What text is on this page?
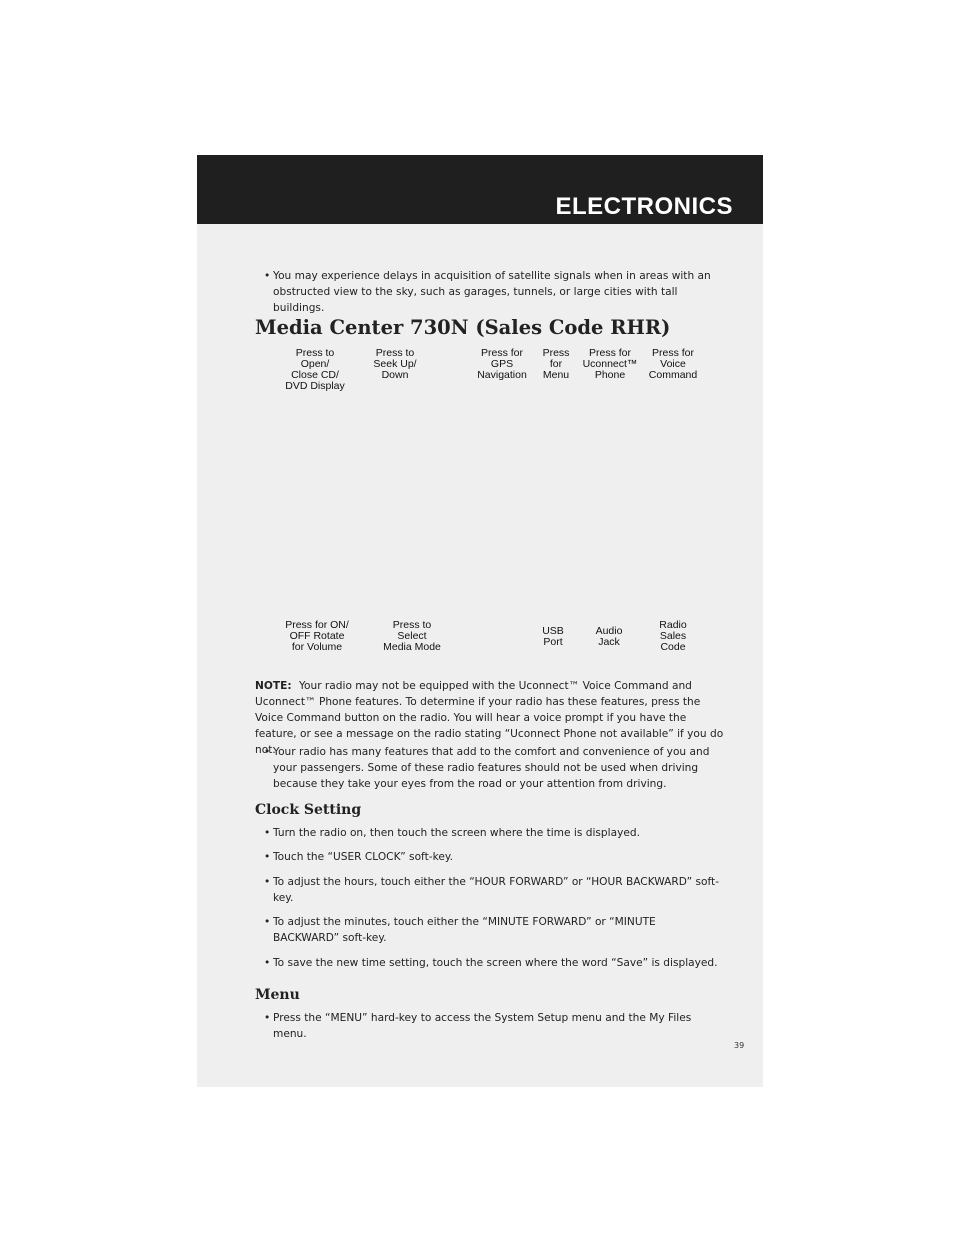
ELECTRONICS
• You may experience delays in acquisition of satellite signals when in areas with an obstructed view to the sky, such as garages, tunnels, or large cities with tall buildings.
Media Center 730N (Sales Code RHR)
Press to Open/
Close CD/
DVD Display
Press to
Seek Up/
Down
Press for
GPS
Navigation
Press
for
Menu
Press for
Uconnect™
Phone
Press for
Voice
Command
Press for ON/
OFF Rotate
for Volume
Press to
Select
Media Mode
USB
Port
Audio
Jack
Radio
Sales
Code
NOTE: Your radio may not be equipped with the Uconnect™ Voice Command and Uconnect™ Phone features. To determine if your radio has these features, press the Voice Command button on the radio. You will hear a voice prompt if you have the feature, or see a message on the radio stating “Uconnect Phone not available” if you do not.
• Your radio has many features that add to the comfort and convenience of you and your passengers. Some of these radio features should not be used when driving because they take your eyes from the road or your attention from driving.
Clock Setting
• Turn the radio on, then touch the screen where the time is displayed.
• Touch the “USER CLOCK” soft-key.
• To adjust the hours, touch either the “HOUR FORWARD” or “HOUR BACKWARD” soft-key.
• To adjust the minutes, touch either the “MINUTE FORWARD” or “MINUTE BACKWARD” soft-key.
• To save the new time setting, touch the screen where the word “Save” is displayed.
Menu
• Press the “MENU” hard-key to access the System Setup menu and the My Files menu.
39
